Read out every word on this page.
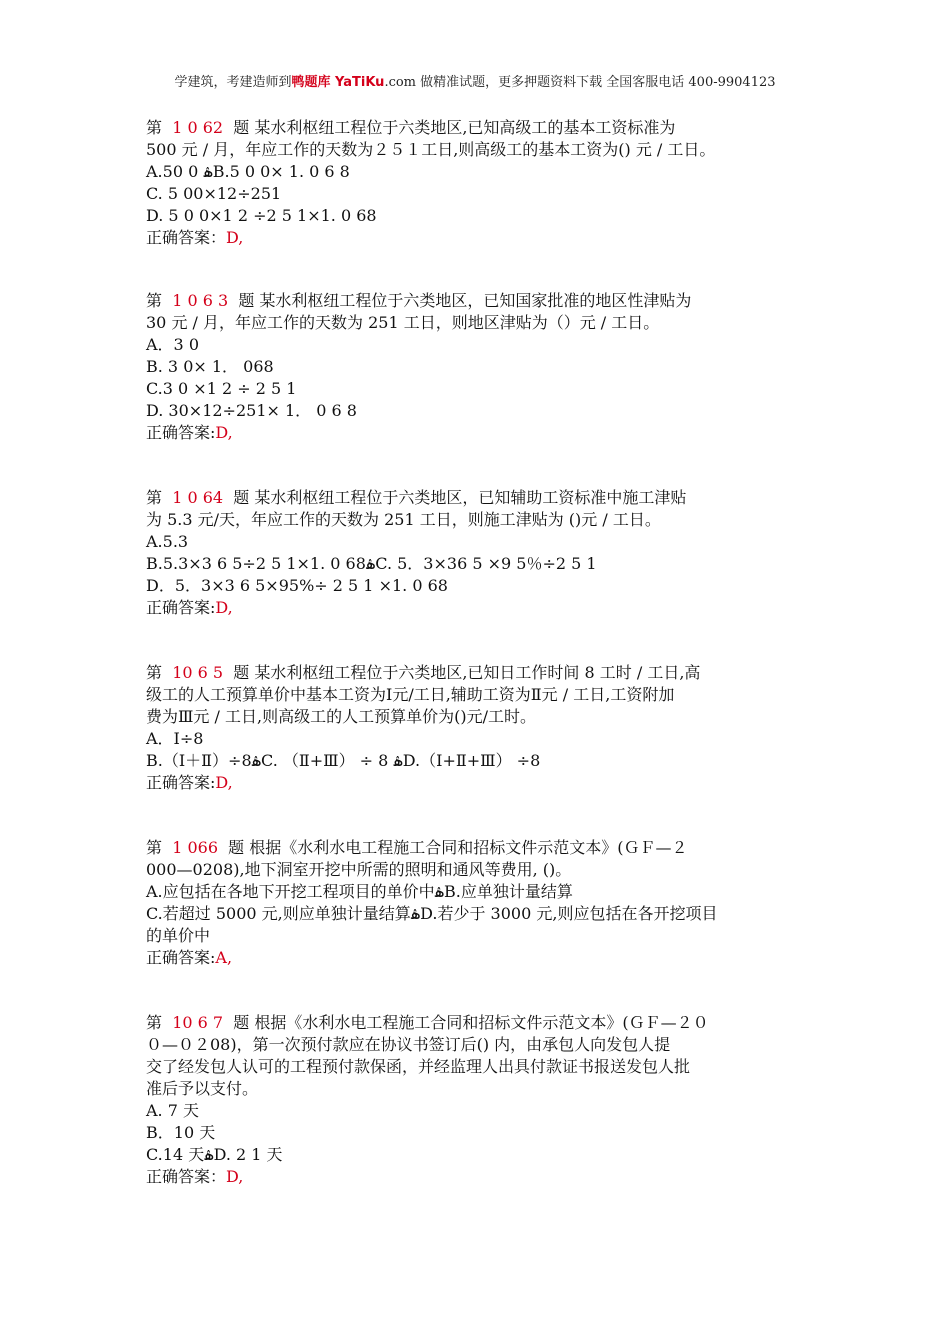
学建筑，考建造师到鸭题库 YaTiKu.com 做精准试题，更多押题资料下载 全国客服电话 400-9904123
第 1 0 62 题 某水利枢纽工程位于六类地区,已知高级工的基本工资标准为
500 元 / 月，年应工作的天数为２５１工日,则高级工的基本工资为() 元 / 工日。
A.50 0 ۿB.5 0 0× 1. 0 6 8
C. 5 00×12÷251
D. 5 0 0×1 2 ÷2 5 1×1. 0 68
正确答案：D,
第 1 0 6 3 题 某水利枢纽工程位于六类地区，已知国家批准的地区性津贴为
30 元 / 月，年应工作的天数为 251 工日，则地区津贴为（）元 / 工日。
A．3 0
B. 3 0× 1． 068
C.3 0 ×1 2 ÷ 2 5 1
D. 30×12÷251× 1． 0 6 8
正确答案:D,
第 1 0 64 题 某水利枢纽工程位于六类地区，已知辅助工资标准中施工津贴
为 5.3 元/天，年应工作的天数为 251 工日，则施工津贴为 ()元 / 工日。
A.5.3
B.5.3×3 6 5÷2 5 1×1. 0 68ۿC. 5．3×36 5 ×9 5％÷2 5 1
D．5．3×3 6 5×95%÷ 2 5 1 ×1. 0 68
正确答案:D,
第 10 6 5 题 某水利枢纽工程位于六类地区,已知日工作时间 8 工时 / 工日,高
级工的人工预算单价中基本工资为Ⅰ元/工日,辅助工资为Ⅱ元 / 工日,工资附加
费为Ⅲ元 / 工日,则高级工的人工预算单价为()元/工时。
A．Ⅰ÷8
B.（Ⅰ＋Ⅱ）÷8ۿC. （Ⅱ+Ⅲ） ÷ 8 ۿD.（Ⅰ+Ⅱ+Ⅲ） ÷8
正确答案:D,
第 1 066 题 根据《水利水电工程施工合同和招标文件示范文本》(ＧＦ—２
000—0208),地下洞室开挖中所需的照明和通风等费用, ()。
A.应包括在各地下开挖工程项目的单价中ۿB.应单独计量结算
C.若超过 5000 元,则应单独计量结算ۿD.若少于 3000 元,则应包括在各开挖项目
的单价中
正确答案:A,
第 10 6 7 题 根据《水利水电工程施工合同和招标文件示范文本》(ＧＦ—２０
０—０２08)，第一次预付款应在协议书签订后() 内，由承包人向发包人提
交了经发包人认可的工程预付款保函，并经监理人出具付款证书报送发包人批
准后予以支付。
A. 7 天
B．10 天
C.14 天ۿD. 2 1 天
正确答案：D,
